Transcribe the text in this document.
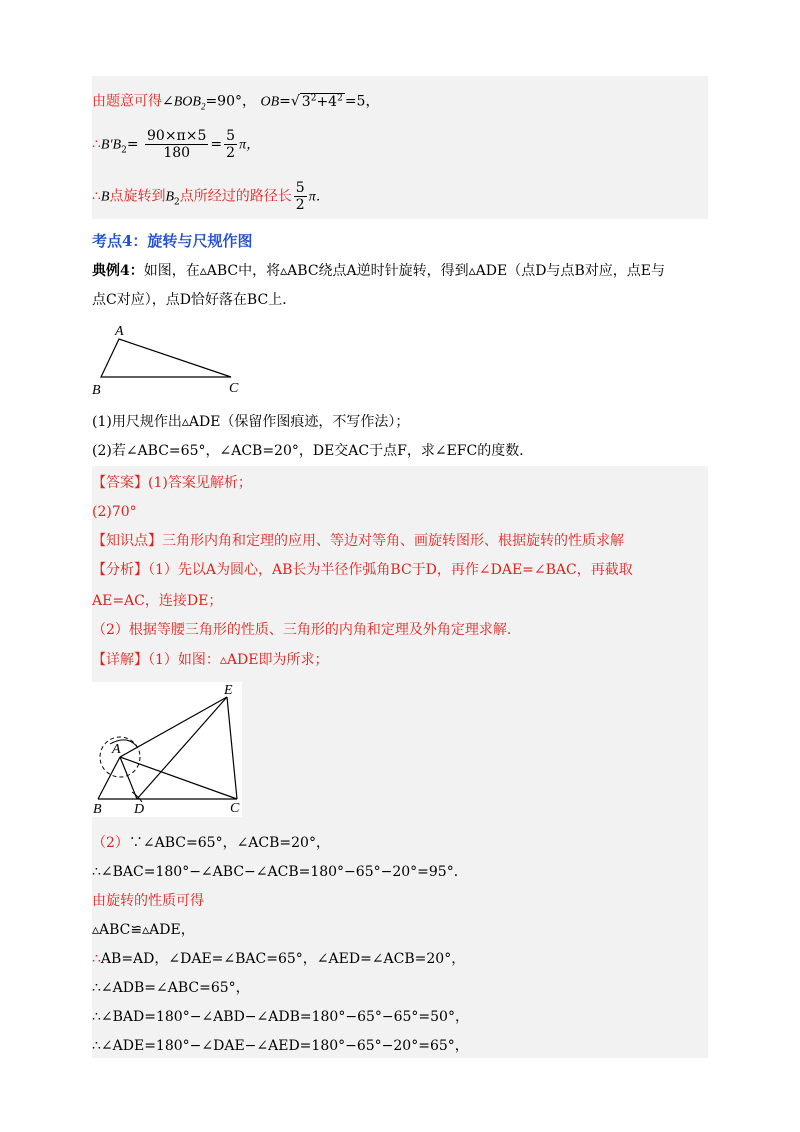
由题意可得$\angle BOB_2=90^\circ$， OB=√ $3^2+4^2 =5$，
$\therefore B'B_2= \frac{90\times\pi\times 5}{180} = \frac{5}{2}$ π，
∴B点旋转到$B_2$点所经过的路径长 $\frac{5}{2}$ π．
考点4：旋转与尺规作图
典例4：如图，在▵ABC中，将▵ABC绕点A逆时针旋转，得到▵ADE（点D与点B对应，点E与
点C对应），点D恰好落在BC上．
A
B	C
(1)用尺规作出▵ADE（保留作图痕迹，不写作法）；
(2)若∠ABC=65°，∠ACB=20°，DE交AC于点F，求∠EFC的度数．
【答案】(1)答案见解析；
(2)70°
【知识点】三角形内角和定理的应用、等边对等角、画旋转图形、根据旋转的性质求解
【分析】（1）先以A为圆心，AB长为半径作弧角BC于D，再作∠DAE=∠BAC，再截取
AE=AC，连接DE；
（2）根据等腰三角形的性质、三角形的内角和定理及外角定理求解．
【详解】（1）如图：▵ADE即为所求；
E
A
B D	C
（2）∵∠ABC=65°，∠ACB=20°，
∴∠BAC=180°−∠ABC−∠ACB=180°−65°−20°=95°．
由旋转的性质可得
▵ABC≌▵ADE，
∴AB=AD，∠DAE=∠BAC=65°，∠AED=∠ACB=20°，
∴∠ADB=∠ABC=65°，
∴∠BAD=180°−∠ABD−∠ADB=180°−65°−65°=50°，
∴∠ADE=180°−∠DAE−∠AED=180°−65°−20°=65°，
